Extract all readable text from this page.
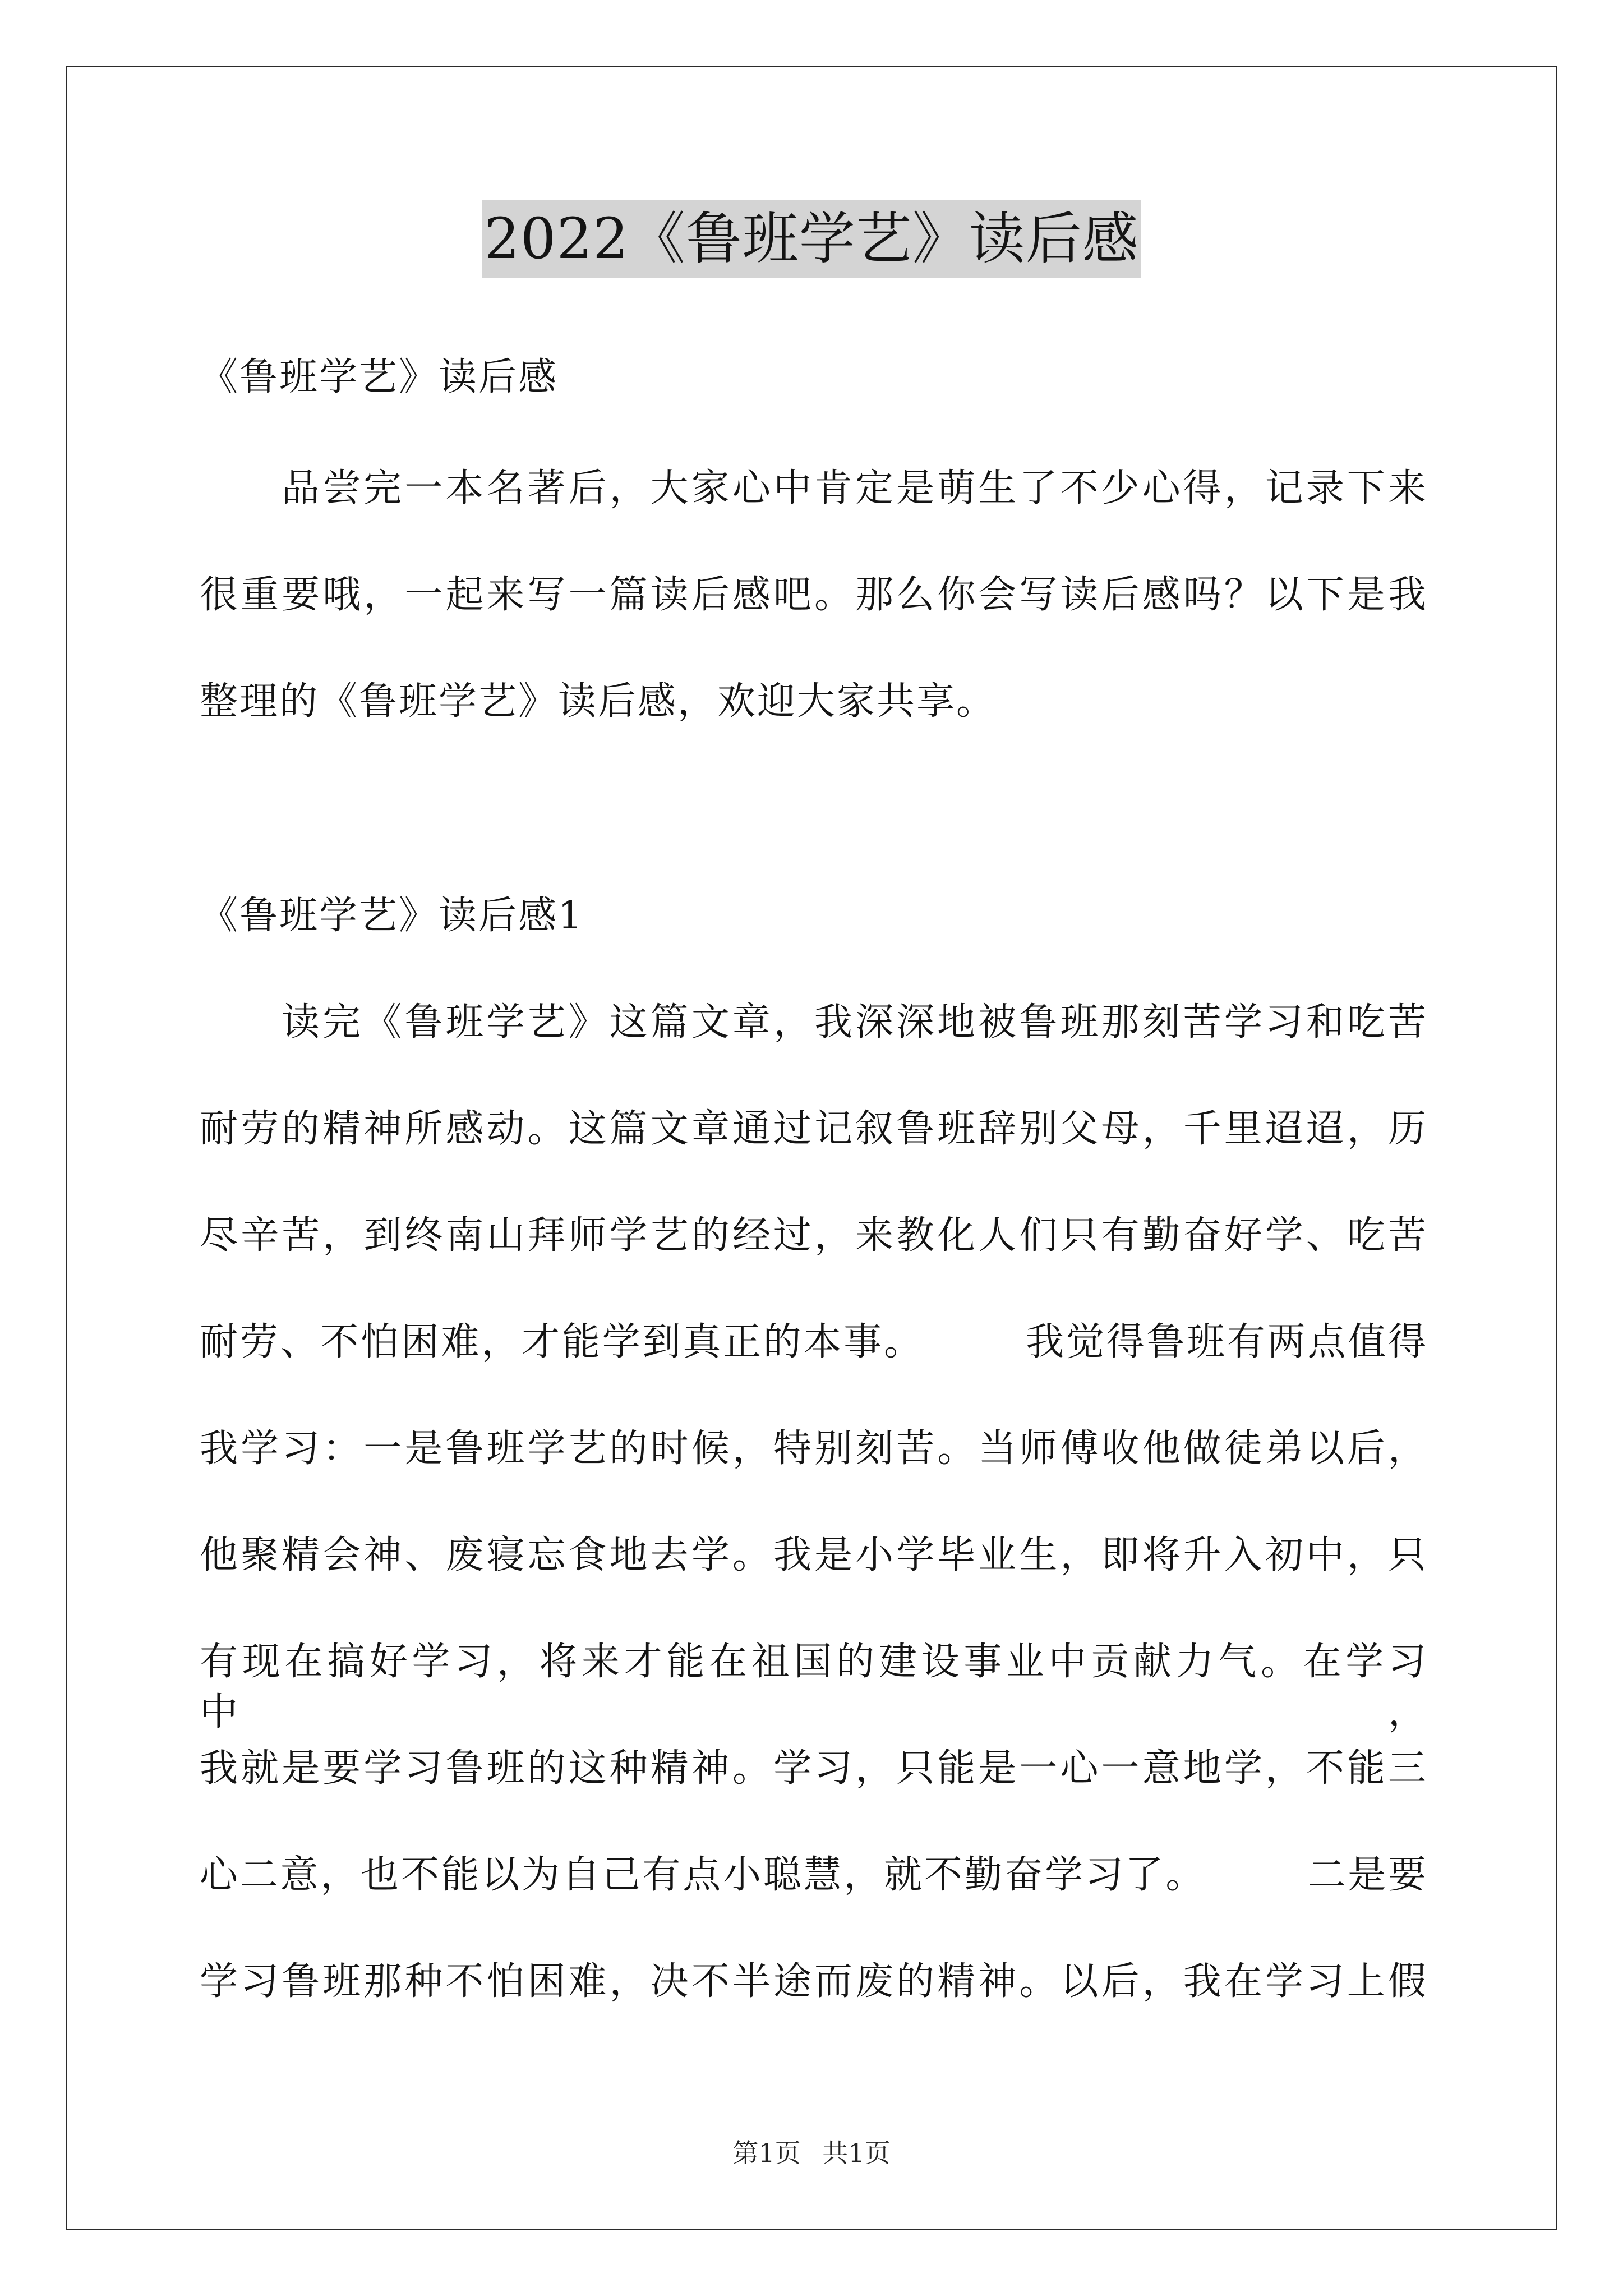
2022《鲁班学艺》读后感
《鲁班学艺》读后感
　　品尝完一本名著后，大家心中肯定是萌生了不少心得，记录下来
很重要哦，一起来写一篇读后感吧。那么你会写读后感吗？以下是我
整理的《鲁班学艺》读后感，欢迎大家共享。
《鲁班学艺》读后感1
　　读完《鲁班学艺》这篇文章，我深深地被鲁班那刻苦学习和吃苦
耐劳的精神所感动。这篇文章通过记叙鲁班辞别父母，千里迢迢，历
尽辛苦，到终南山拜师学艺的经过，来教化人们只有勤奋好学、吃苦
耐劳、不怕困难，才能学到真正的本事。　　　我觉得鲁班有两点值得
我学习：一是鲁班学艺的时候，特别刻苦。当师傅收他做徒弟以后，
他聚精会神、废寝忘食地去学。我是小学毕业生，即将升入初中，只
有现在搞好学习，将来才能在祖国的建设事业中贡献力气。在学习中，
我就是要学习鲁班的这种精神。学习，只能是一心一意地学，不能三
心二意，也不能以为自己有点小聪慧，就不勤奋学习了。　　　二是要
学习鲁班那种不怕困难，决不半途而废的精神。以后，我在学习上假
第1页 共1页
